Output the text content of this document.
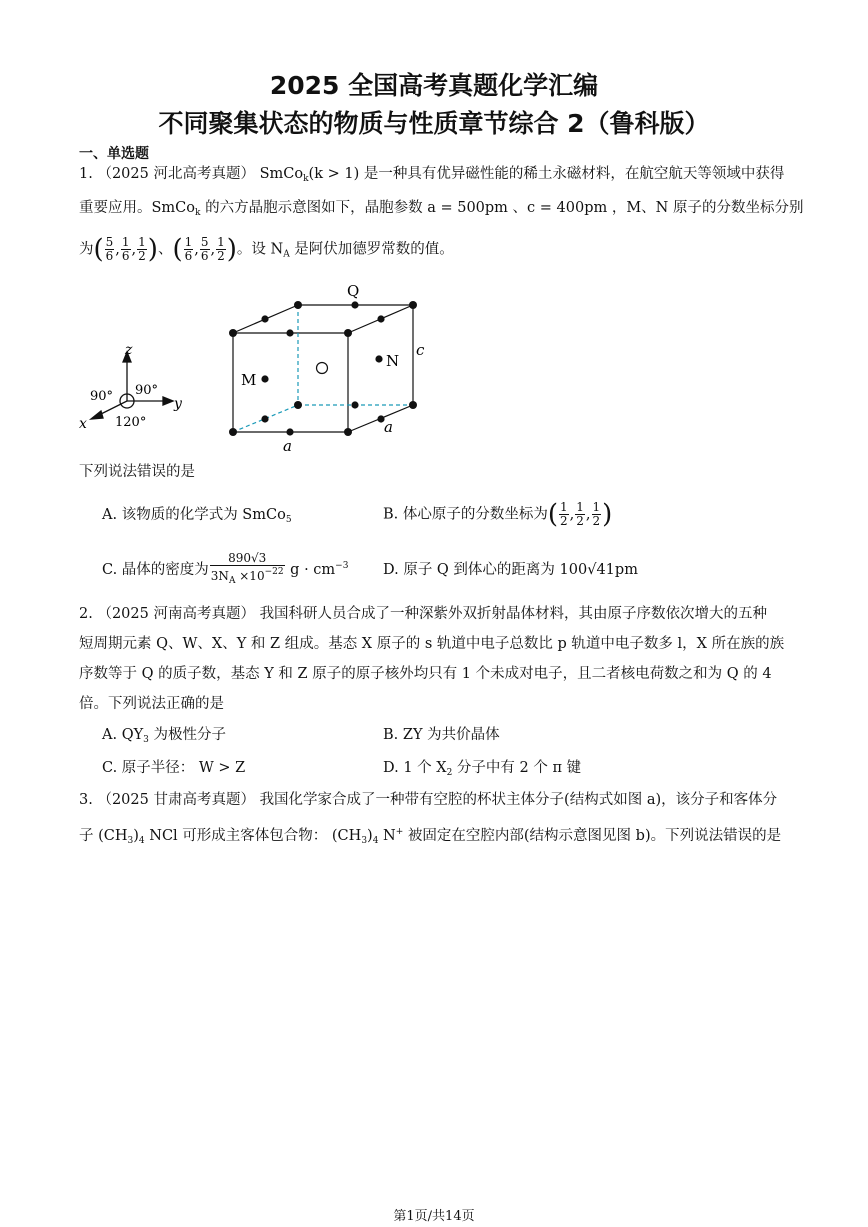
2025 全国高考真题化学汇编
不同聚集状态的物质与性质章节综合 2（鲁科版）
一、单选题
1. （2025 河北高考真题） SmCo$_k$(k > 1) 是一种具有优异磁性能的稀土永磁材料，在航空航天等领域中获得
重要应用。SmCo$_k$ 的六方晶胞示意图如下，晶胞参数 a = 500pm 、c = 400pm ，M、N 原子的分数坐标分别
为( $\frac{5}{6}$ , $\frac{1}{6}$ , $\frac{1}{2}$ )、( $\frac{1}{6}$ , $\frac{5}{6}$ , $\frac{1}{2}$ )。设 $N_A$ 是阿伏加德罗常数的值。
z
y
x
90° 90°
120°
Q
M
N
c
a
a
下列说法错误的是
A. 该物质的化学式为 SmCo$_5$	B. 体心原子的分数坐标为( $\frac{1}{2}$ , $\frac{1}{2}$ , $\frac{1}{2}$ )
C. 晶体的密度为 $\frac{890√3}{3N_A \times 10^{-22}}$ $g \cdot cm^{-3}$ D. 原子 Q 到体心的距离为 100√41pm
2. （2025 河南高考真题） 我国科研人员合成了一种深紫外双折射晶体材料，其由原子序数依次增大的五种
短周期元素 Q、W、X、Y 和 Z 组成。基态 X 原子的 s 轨道中电子总数比 p 轨道中电子数多 l，X 所在族的族
序数等于 Q 的质子数，基态 Y 和 Z 原子的原子核外均只有 1 个未成对电子，且二者核电荷数之和为 Q 的 4
倍。下列说法正确的是
A. $QY_3$ 为极性分子	B. ZY 为共价晶体
C. 原子半径： W > Z	D. 1 个 $X_2$ 分子中有 2 个 π 键
3. （2025 甘肃高考真题） 我国化学家合成了一种带有空腔的杯状主体分子(结构式如图 a)，该分子和客体分
子 $(CH_3)_4$ NCl 可形成主客体包合物： $(CH_3)_4$ N+ 被固定在空腔内部(结构示意图见图 b)。下列说法错误的是
第1页/共14页
